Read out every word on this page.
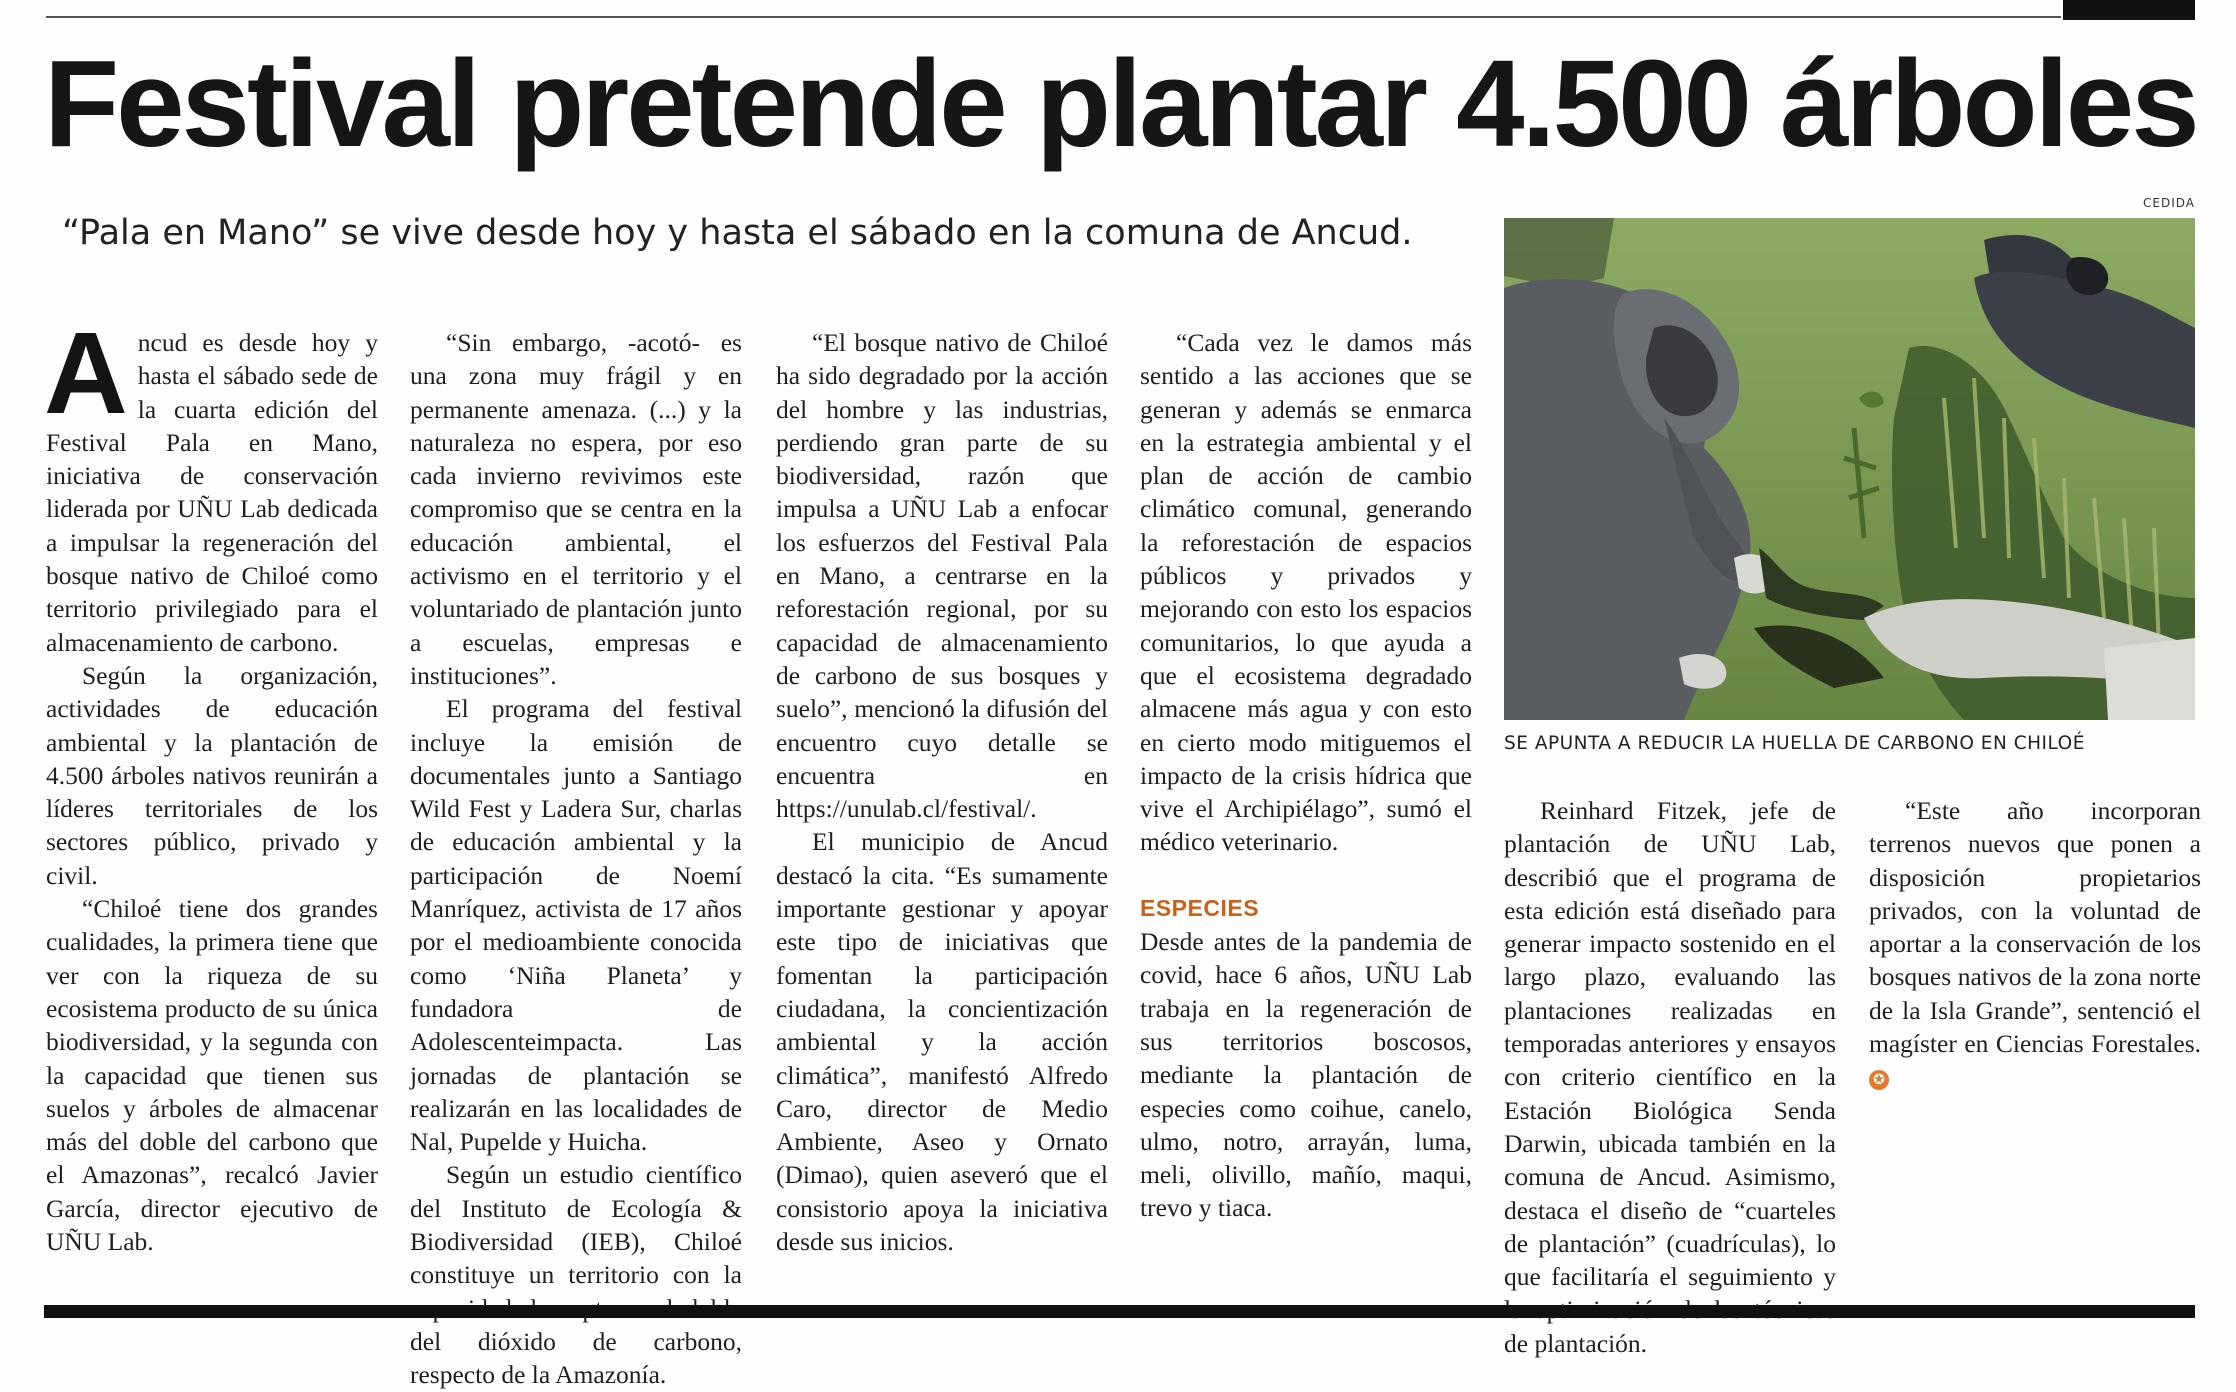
Festival pretende plantar 4.500 árboles

“Pala en Mano” se vive desde hoy y hasta el sábado en la comuna de Ancud.

CEDIDA
SE APUNTA A REDUCIR LA HUELLA DE CARBONO EN CHILOÉ

Ancud es desde hoy y hasta el sábado sede de la cuarta edición del Festival Pala en Mano, iniciativa de conservación liderada por UÑU Lab dedicada a impulsar la regeneración del bosque nativo de Chiloé como territorio privilegiado para el almacenamiento de carbono.

Según la organización, actividades de educación ambiental y la plantación de 4.500 árboles nativos reunirán a líderes territoriales de los sectores público, privado y civil.

“Chiloé tiene dos grandes cualidades, la primera tiene que ver con la riqueza de su ecosistema producto de su única biodiversidad, y la segunda con la capacidad que tienen sus suelos y árboles de almacenar más del doble del carbono que el Amazonas”, recalcó Javier García, director ejecutivo de UÑU Lab.

“Sin embargo, -acotó- es una zona muy frágil y en permanente amenaza. (...) y la naturaleza no espera, por eso cada invierno revivimos este compromiso que se centra en la educación ambiental, el activismo en el territorio y el voluntariado de plantación junto a escuelas, empresas e instituciones”.

El programa del festival incluye la emisión de documentales junto a Santiago Wild Fest y Ladera Sur, charlas de educación ambiental y la participación de Noemí Manríquez, activista de 17 años por el medioambiente conocida como ‘Niña Planeta’ y fundadora de Adolescenteimpacta. Las jornadas de plantación se realizarán en las localidades de Nal, Pupelde y Huicha.

Según un estudio científico del Instituto de Ecología & Biodiversidad (IEB), Chiloé constituye un territorio con la del dióxido de carbono, respecto de la Amazonía.

“El bosque nativo de Chiloé ha sido degradado por la acción del hombre y las industrias, perdiendo gran parte de su biodiversidad, razón que impulsa a UÑU Lab a enfocar los esfuerzos del Festival Pala en Mano, a centrarse en la reforestación regional, por su capacidad de almacenamiento de carbono de sus bosques y suelo”, mencionó la difusión del encuentro cuyo detalle se encuentra en https://unulab.cl/festival/.

El municipio de Ancud destacó la cita. “Es sumamente importante gestionar y apoyar este tipo de iniciativas que fomentan la participación ciudadana, la concientización ambiental y la acción climática”, manifestó Alfredo Caro, director de Medio Ambiente, Aseo y Ornato (Dimao), quien aseveró que el consistorio apoya la iniciativa desde sus inicios.

“Cada vez le damos más sentido a las acciones que se generan y además se enmarca en la estrategia ambiental y el plan de acción de cambio climático comunal, generando la reforestación de espacios públicos y privados y mejorando con esto los espacios comunitarios, lo que ayuda a que el ecosistema degradado almacene más agua y con esto en cierto modo mitiguemos el impacto de la crisis hídrica que vive el Archipiélago”, sumó el médico veterinario.

ESPECIES

Desde antes de la pandemia de covid, hace 6 años, UÑU Lab trabaja en la regeneración de sus territorios boscosos, mediante la plantación de especies como coihue, canelo, ulmo, notro, arrayán, luma, meli, olivillo, mañío, maqui, trevo y tiaca.

Reinhard Fitzek, jefe de plantación de UÑU Lab, describió que el programa de esta edición está diseñado para generar impacto sostenido en el largo plazo, evaluando las plantaciones realizadas en temporadas anteriores y ensayos con criterio científico en la Estación Biológica Senda Darwin, ubicada también en la comuna de Ancud. Asimismo, destaca el diseño de “cuarteles de plantación” (cuadrículas), lo que facilitaría el seguimiento y de plantación.

“Este año incorporan terrenos nuevos que ponen a disposición propietarios privados, con la voluntad de aportar a la conservación de los bosques nativos de la zona norte de la Isla Grande”, sentenció el magíster en Ciencias Forestales. ✪
